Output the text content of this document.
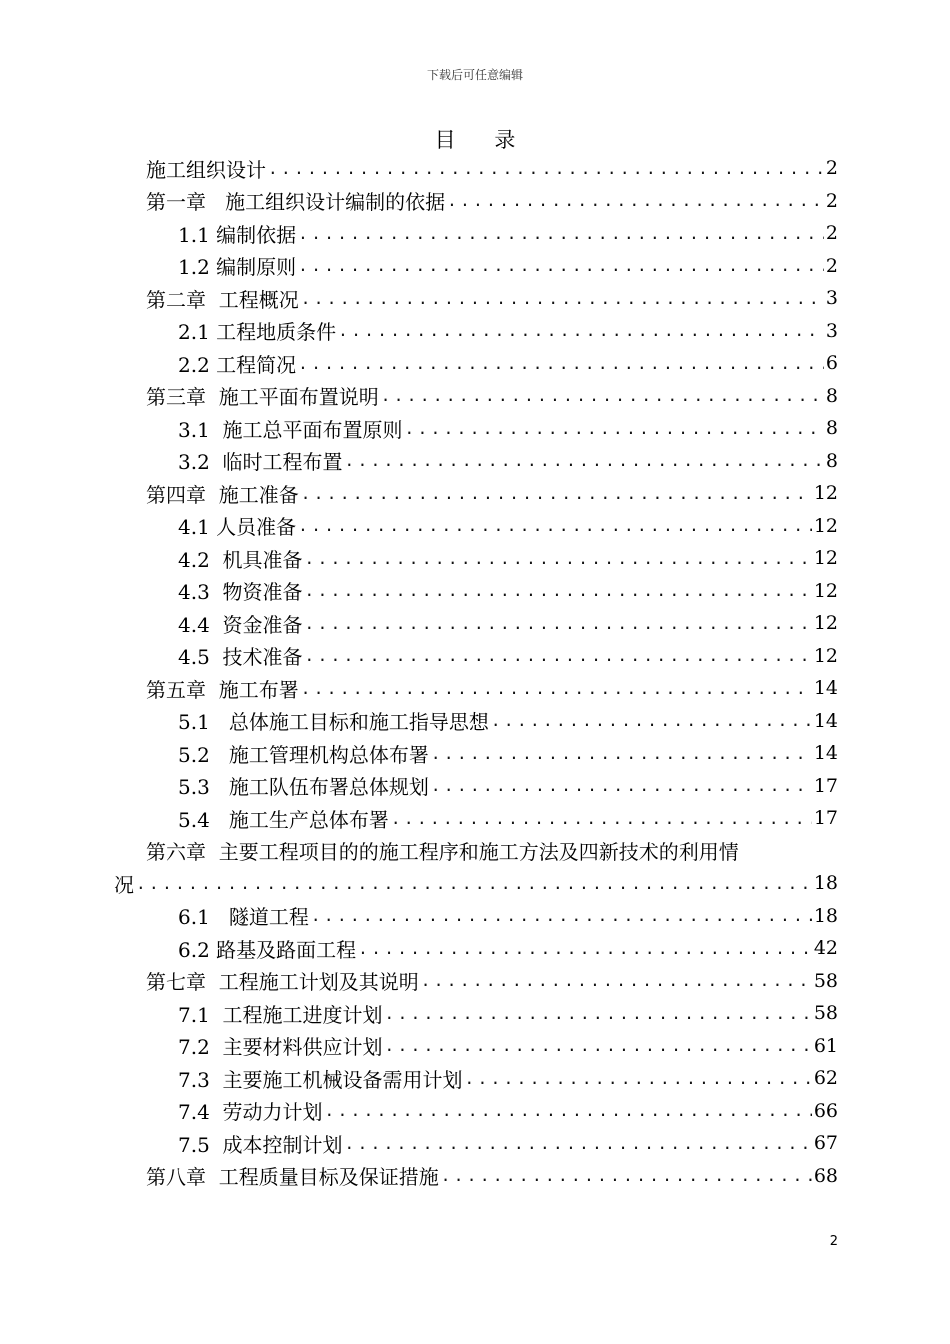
下载后可任意编辑
目 录
施工组织设计 .....	2
第一章   施工组织设计编制的依据 .....	2
1.1 编制依据 .....	2
1.2 编制原则 .....	2
第二章  工程概况 .....	3
2.1 工程地质条件 .....	3
2.2 工程简况 .....	6
第三章  施工平面布置说明 .....	8
3.1  施工总平面布置原则 .....	8
3.2  临时工程布置 .....	8
第四章  施工准备 .....	12
4.1 人员准备 .....	12
4.2  机具准备 .....	12
4.3  物资准备 .....	12
4.4  资金准备 .....	12
4.5  技术准备 .....	12
第五章  施工布署 .....	14
5.1   总体施工目标和施工指导思想 .....	14
5.2   施工管理机构总体布署 .....	14
5.3   施工队伍布署总体规划 .....	17
5.4   施工生产总体布署 .....	17
第六章  主要工程项目的的施工程序和施工方法及四新技术的利用情
况 .....	18
6.1   隧道工程 .....	18
6.2 路基及路面工程 .....	42
第七章  工程施工计划及其说明 .....	58
7.1  工程施工进度计划 .....	58
7.2  主要材料供应计划 .....	61
7.3  主要施工机械设备需用计划 .....	62
7.4  劳动力计划 .....	66
7.5  成本控制计划 .....	67
第八章  工程质量目标及保证措施 .....	68
2
